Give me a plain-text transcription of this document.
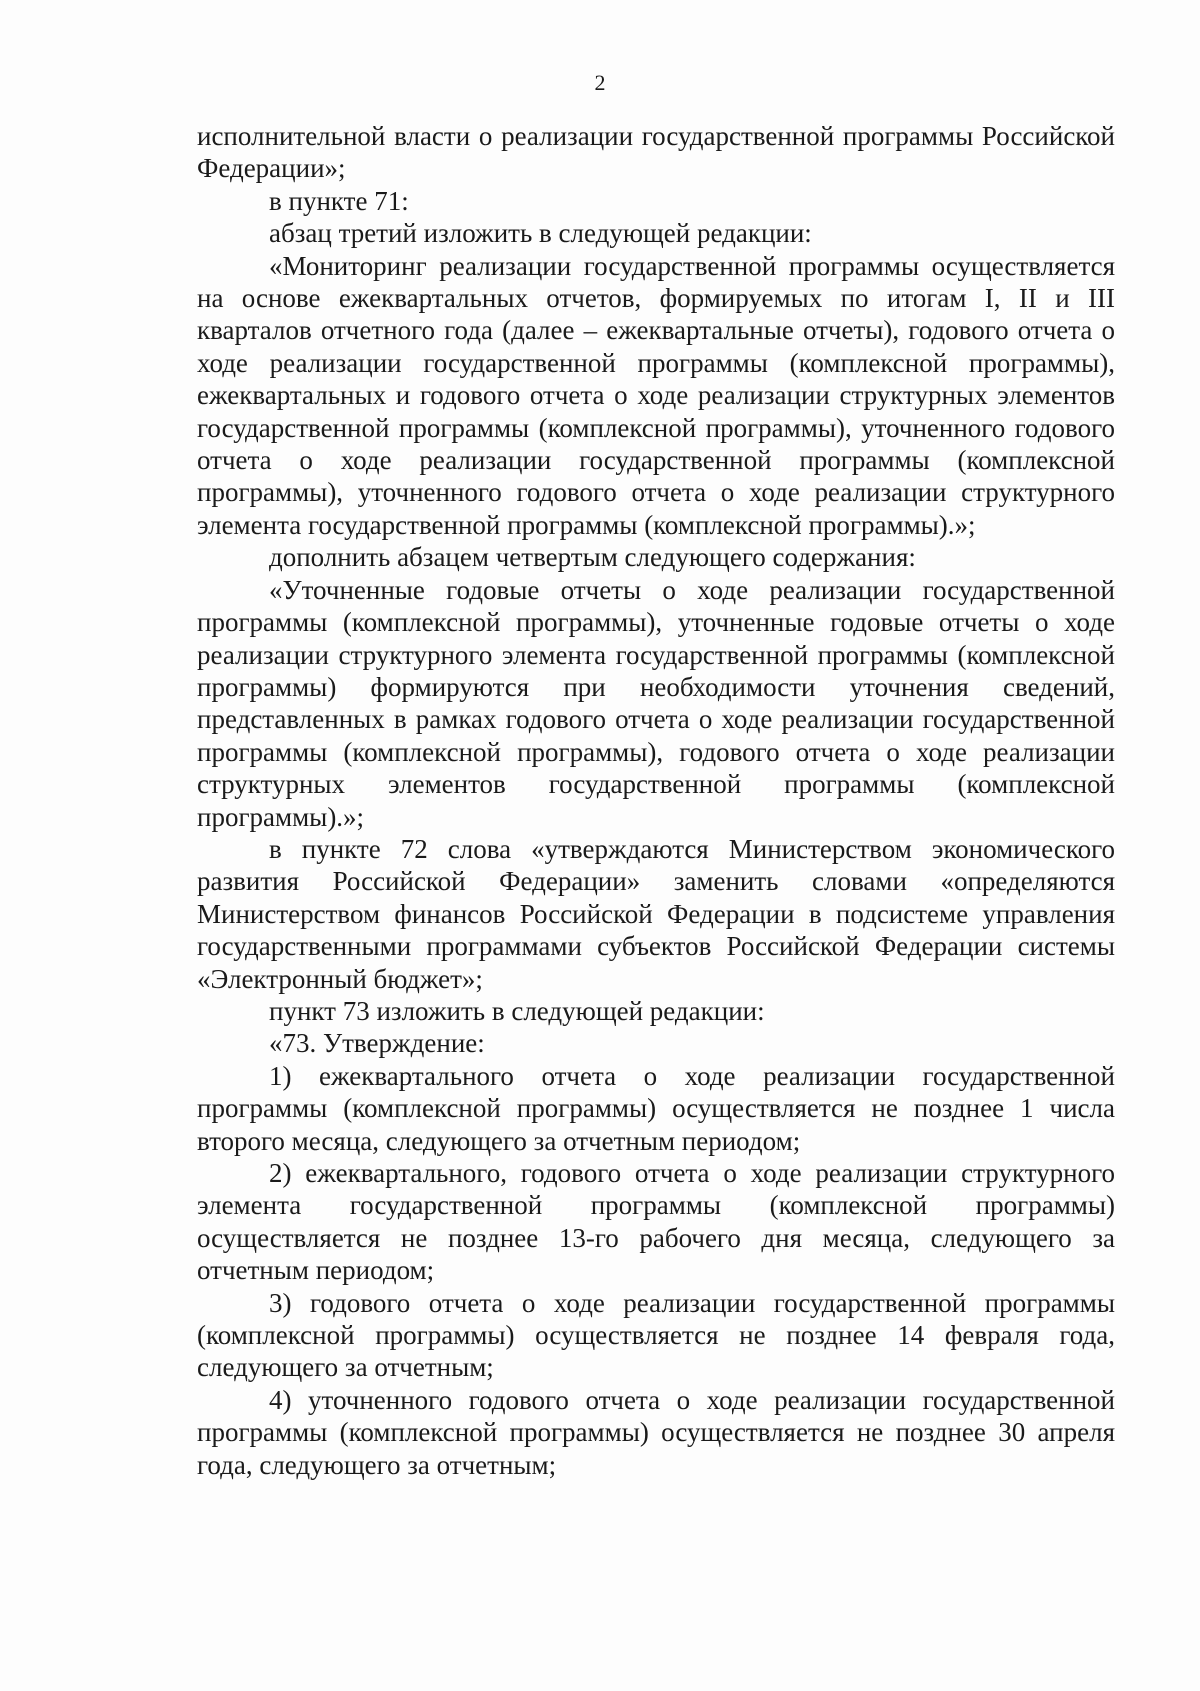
2

исполнительной власти о реализации государственной программы Российской Федерации»;

в пункте 71:

абзац третий изложить в следующей редакции:

«Мониторинг реализации государственной программы осуществляется на основе ежеквартальных отчетов, формируемых по итогам I, II и III кварталов отчетного года (далее – ежеквартальные отчеты), годового отчета о ходе реализации государственной программы (комплексной программы), ежеквартальных и годового отчета о ходе реализации структурных элементов государственной программы (комплексной программы), уточненного годового отчета о ходе реализации государственной программы (комплексной программы), уточненного годового отчета о ходе реализации структурного элемента государственной программы (комплексной программы).»;

дополнить абзацем четвертым следующего содержания:

«Уточненные годовые отчеты о ходе реализации государственной программы (комплексной программы), уточненные годовые отчеты о ходе реализации структурного элемента государственной программы (комплексной программы) формируются при необходимости уточнения сведений, представленных в рамках годового отчета о ходе реализации государственной программы (комплексной программы), годового отчета о ходе реализации структурных элементов государственной программы (комплексной программы).»;

в пункте 72 слова «утверждаются Министерством экономического развития Российской Федерации» заменить словами «определяются Министерством финансов Российской Федерации в подсистеме управления государственными программами субъектов Российской Федерации системы «Электронный бюджет»;

пункт 73 изложить в следующей редакции:

«73. Утверждение:

1) ежеквартального отчета о ходе реализации государственной программы (комплексной программы) осуществляется не позднее 1 числа второго месяца, следующего за отчетным периодом;

2) ежеквартального, годового отчета о ходе реализации структурного элемента государственной программы (комплексной программы) осуществляется не позднее 13-го рабочего дня месяца, следующего за отчетным периодом;

3) годового отчета о ходе реализации государственной программы (комплексной программы) осуществляется не позднее 14 февраля года, следующего за отчетным;

4) уточненного годового отчета о ходе реализации государственной программы (комплексной программы) осуществляется не позднее 30 апреля года, следующего за отчетным;
